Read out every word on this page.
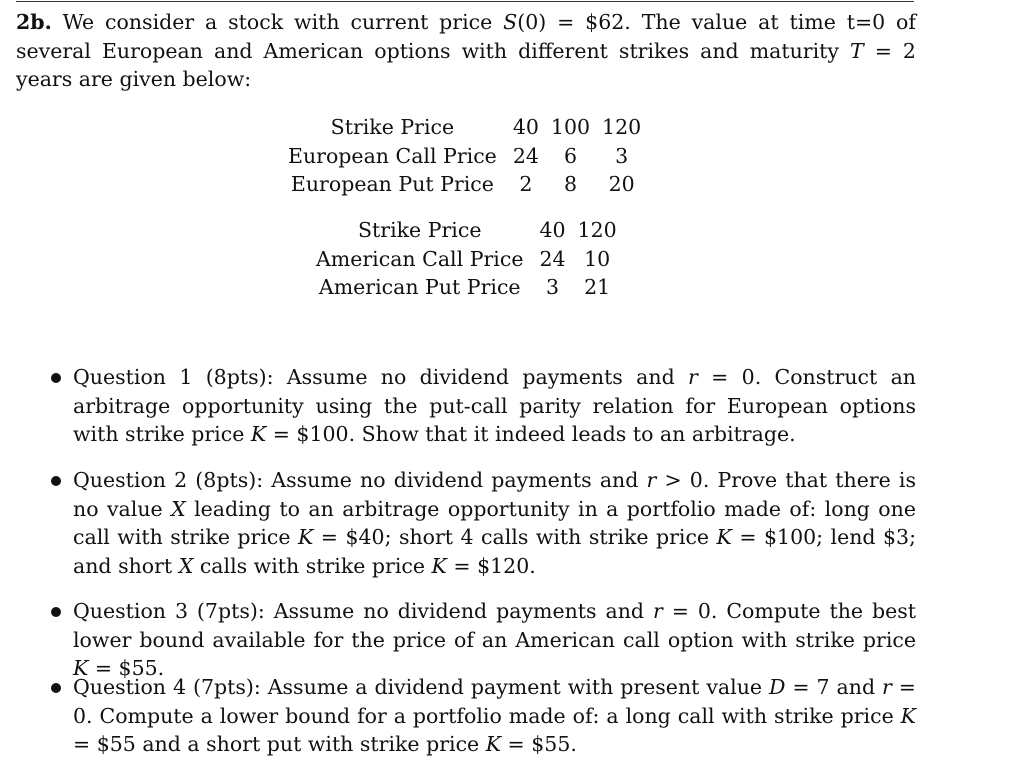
2b. We consider a stock with current price S(0) = $62. The value at time t=0 of several European and American options with different strikes and maturity T = 2 years are given below:
Strike Price	40	100	120
European Call Price	24	6	3
European Put Price	2	8	20
Strike Price	40	120
American Call Price	24	10
American Put Price	3	21
Question 1 (8pts): Assume no dividend payments and r = 0. Construct an arbitrage opportunity using the put-call parity relation for European options with strike price K = $100. Show that it indeed leads to an arbitrage.
Question 2 (8pts): Assume no dividend payments and r > 0. Prove that there is no value X leading to an arbitrage opportunity in a portfolio made of: long one call with strike price K = $40; short 4 calls with strike price K = $100; lend $3; and short X calls with strike price K = $120.
Question 3 (7pts): Assume no dividend payments and r = 0. Compute the best lower bound available for the price of an American call option with strike price K = $55.
Question 4 (7pts): Assume a dividend payment with present value D = 7 and r = 0. Compute a lower bound for a portfolio made of: a long call with strike price K = $55 and a short put with strike price K = $55.
